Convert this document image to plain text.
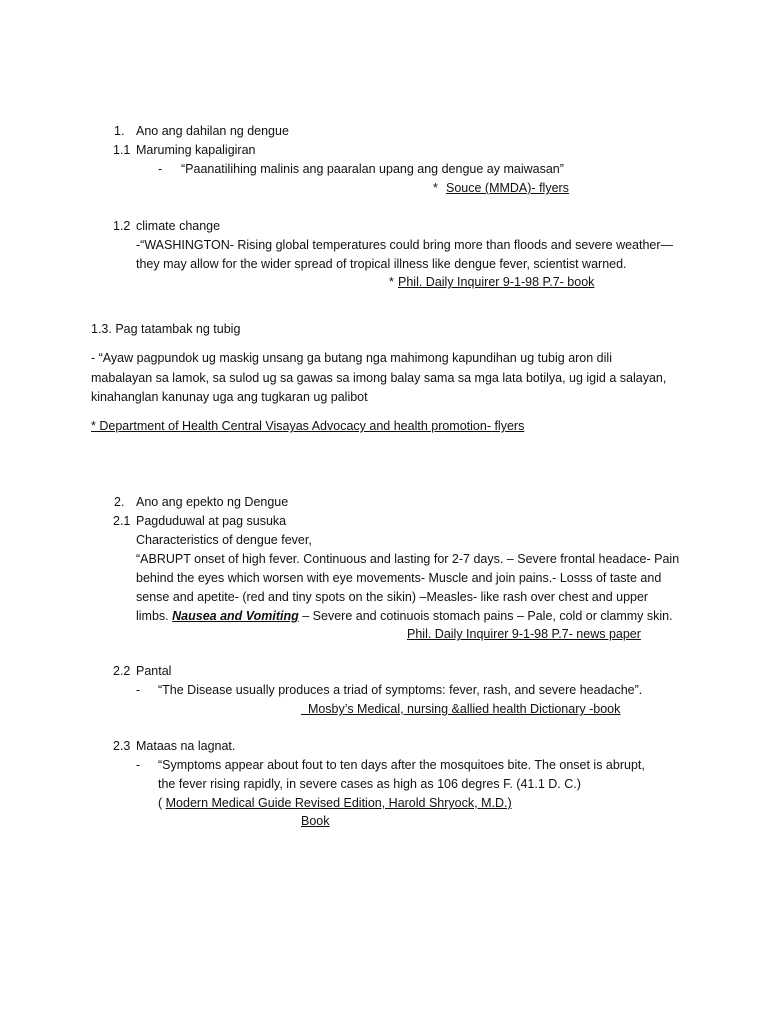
1. Ano ang dahilan ng dengue
1.1 Maruming kapaligiran
- “Paanatilihing malinis ang paaralan upang ang dengue ay maiwasan”
* Souce (MMDA)- flyers
1.2 climate change
-“WASHINGTON- Rising global temperatures could bring more than floods and severe weather—
they may allow for the wider spread of tropical illness like dengue fever, scientist warned.
* Phil. Daily Inquirer 9-1-98 P.7- book
1.3. Pag tatambak ng tubig
- “Ayaw pagpundok ug maskig unsang ga butang nga mahimong kapundihan ug tubig aron dili
mabalayan sa lamok, sa sulod ug sa gawas sa imong balay sama sa mga lata botilya, ug igid a salayan,
kinahanglan kanunay uga ang tugkaran ug palibot
* Department of Health Central Visayas Advocacy and health promotion- flyers
2. Ano ang epekto ng Dengue
2.1 Pagduduwal at pag susuka
Characteristics of dengue fever,
“ABRUPT onset of high fever. Continuous and lasting for 2-7 days. – Severe frontal headace- Pain
behind the eyes which worsen with eye movements- Muscle and join pains.- Losss of taste and
sense and apetite- (red and tiny spots on the sikin) –Measles- like rash over chest and upper
limbs. Nausea and Vomiting – Severe and cotinuois stomach pains – Pale, cold or clammy skin.
Phil. Daily Inquirer 9-1-98 P.7- news paper
2.2 Pantal
- “The Disease usually produces a triad of symptoms: fever, rash, and severe headache”.
Mosby’s Medical, nursing &allied health Dictionary -book
2.3 Mataas na lagnat.
- “Symptoms appear about fout to ten days after the mosquitoes bite. The onset is abrupt,
the fever rising rapidly, in severe cases as high as 106 degres F. (41.1 D. C.)
( Modern Medical Guide Revised Edition, Harold Shryock, M.D.)
Book
